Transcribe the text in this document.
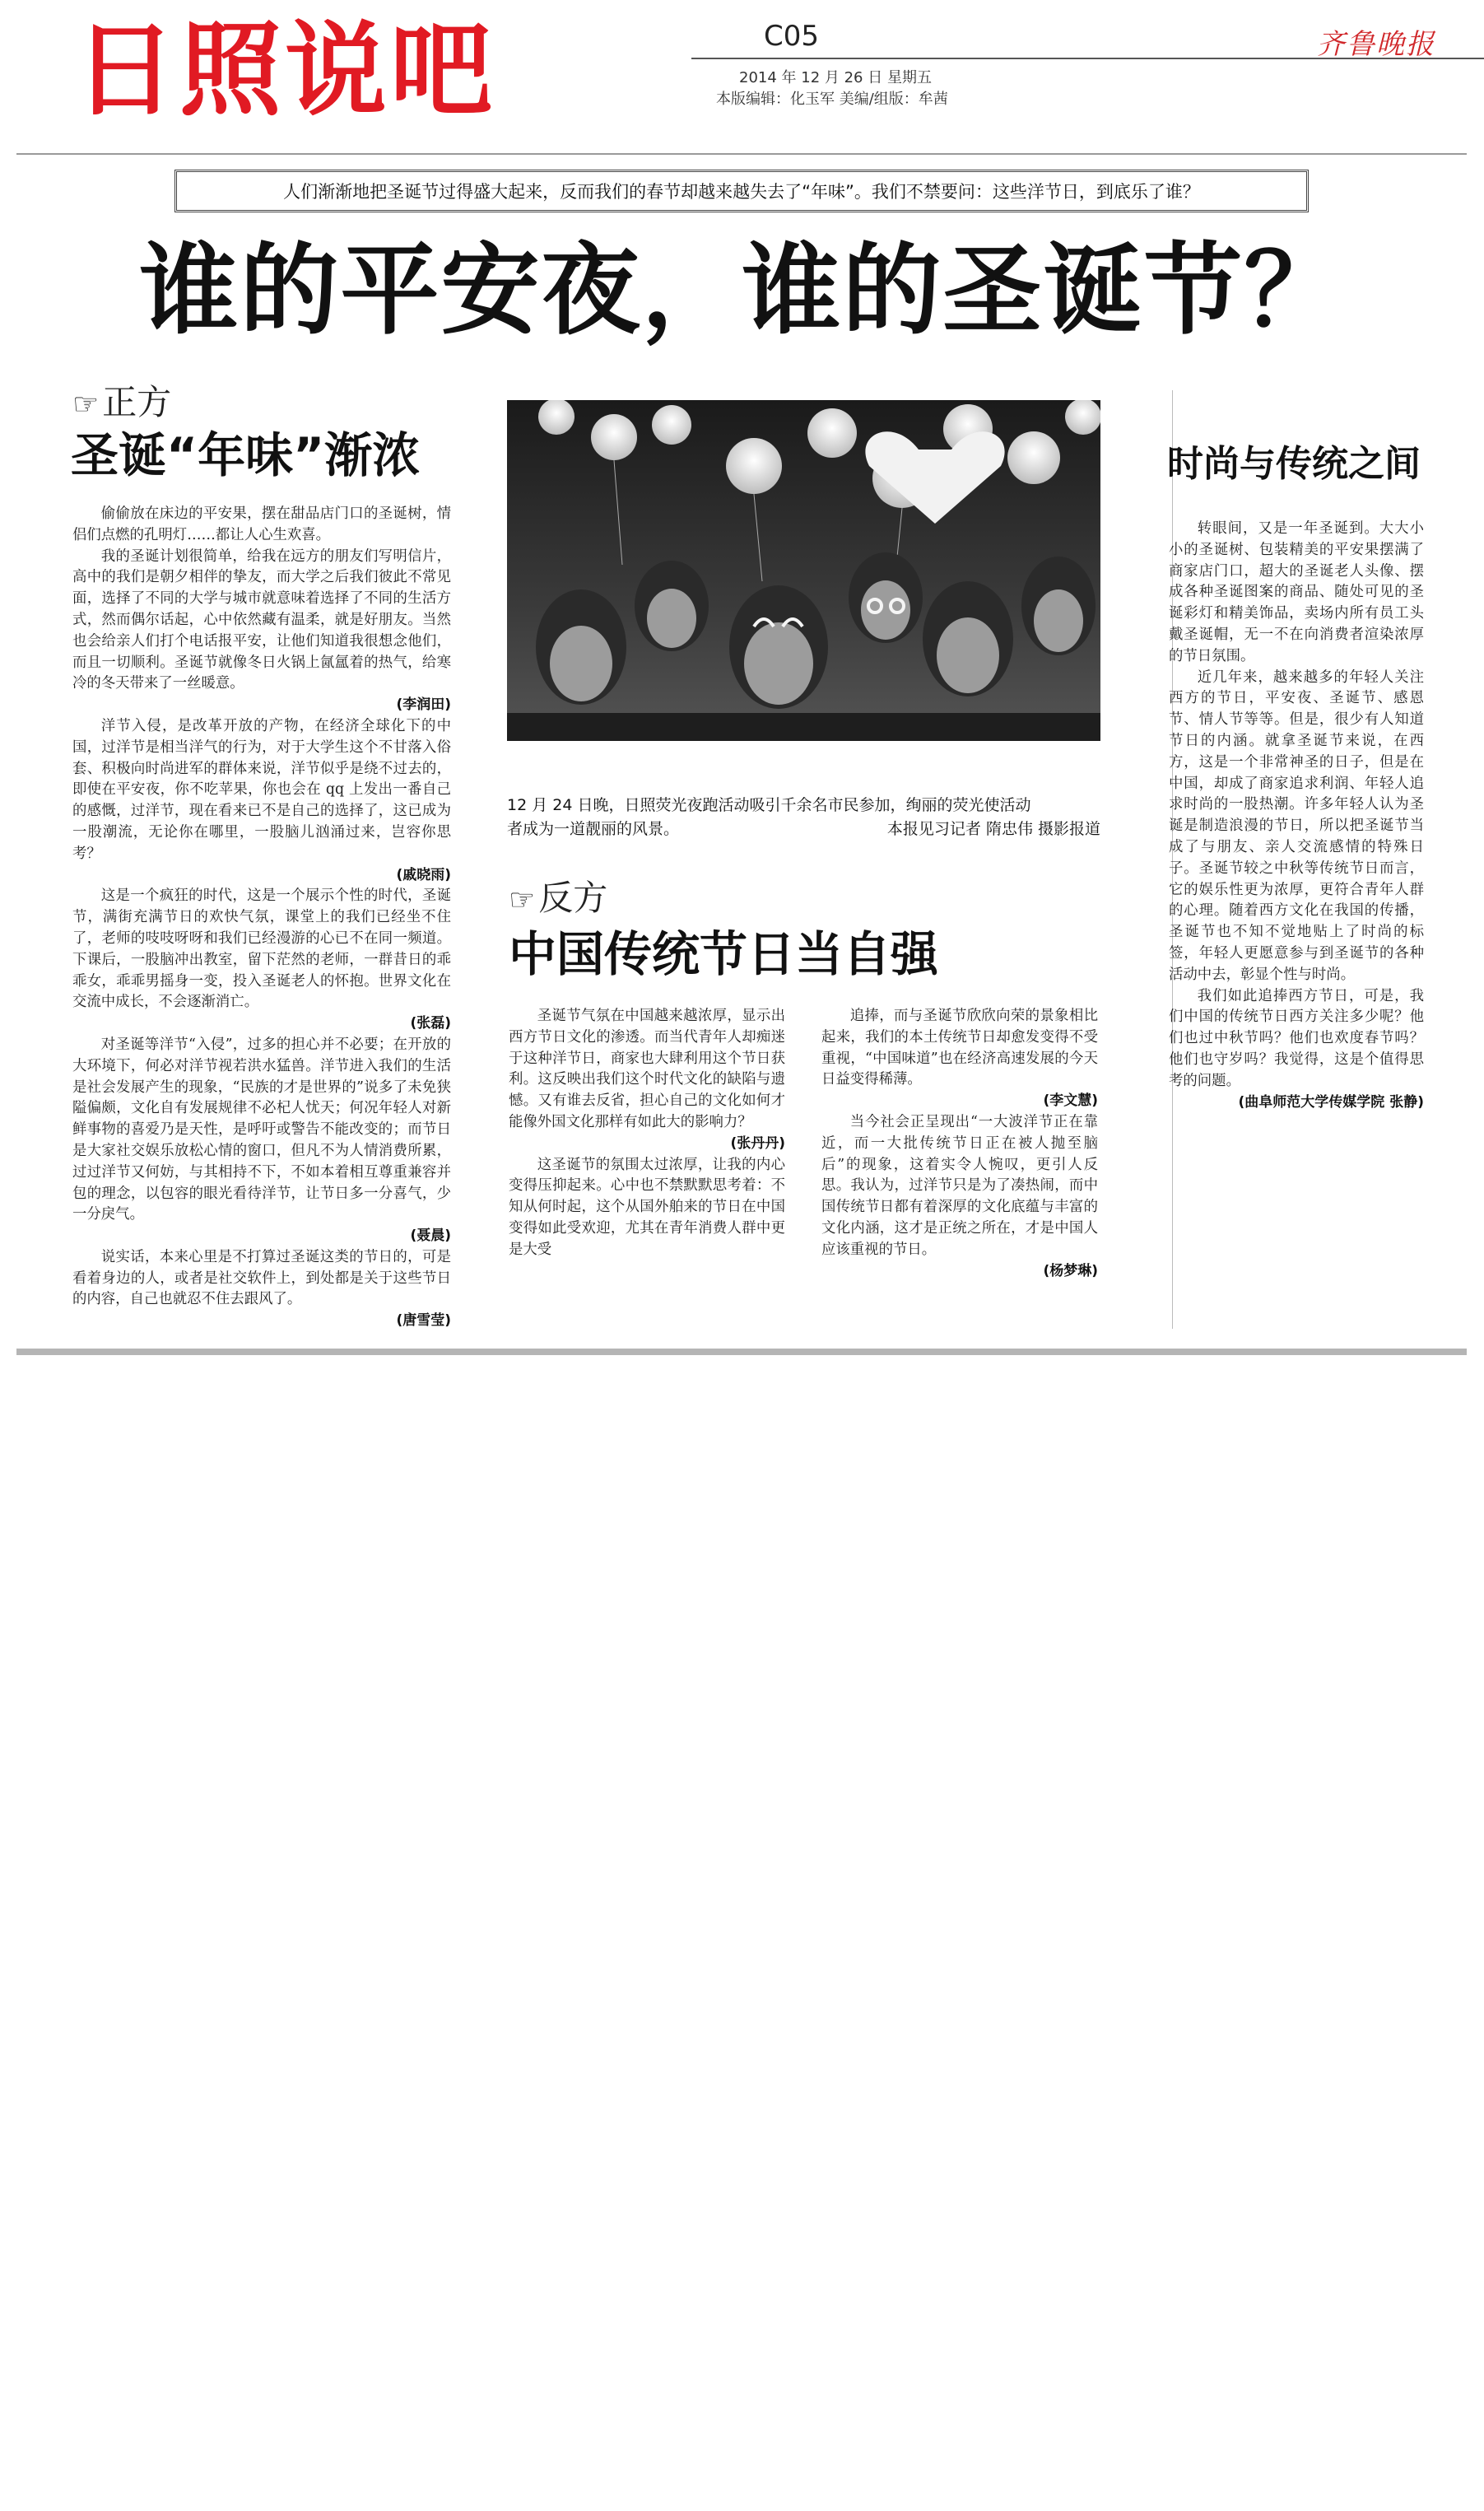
日照说吧	C05	齐鲁晚报
2014 年 12 月 26 日 星期五
本版编辑：化玉军 美编/组版：牟茜
人们渐渐地把圣诞节过得盛大起来，反而我们的春节却越来越失去了“年味”。我们不禁要问：这些洋节日，到底乐了谁？
谁的平安夜，谁的圣诞节？
☞正方
圣诞“年味”渐浓

偷偷放在床边的平安果，摆在甜品店门口的圣诞树，情侣们点燃的孔明灯……都让人心生欢喜。

我的圣诞计划很简单，给我在远方的朋友们写明信片，高中的我们是朝夕相伴的挚友，而大学之后我们彼此不常见面，选择了不同的大学与城市就意味着选择了不同的生活方式，然而偶尔话起，心中依然藏有温柔，就是好朋友。当然也会给亲人们打个电话报平安，让他们知道我很想念他们，而且一切顺利。圣诞节就像冬日火锅上氤氲着的热气，给寒冷的冬天带来了一丝暖意。

(李润田)

洋节入侵，是改革开放的产物，在经济全球化下的中国，过洋节是相当洋气的行为，对于大学生这个不甘落入俗套、积极向时尚进军的群体来说，洋节似乎是绕不过去的，即使在平安夜，你不吃苹果，你也会在 qq 上发出一番自己的感慨，过洋节，现在看来已不是自己的选择了，这已成为一股潮流，无论你在哪里，一股脑儿汹涌过来，岂容你思考？

(戚晓雨)

这是一个疯狂的时代，这是一个展示个性的时代，圣诞节，满街充满节日的欢快气氛，课堂上的我们已经坐不住了，老师的吱吱呀呀和我们已经漫游的心已不在同一频道。下课后，一股脑冲出教室，留下茫然的老师，一群昔日的乖乖女，乖乖男摇身一变，投入圣诞老人的怀抱。世界文化在交流中成长，不会逐渐消亡。

(张磊)

对圣诞等洋节“入侵”，过多的担心并不必要；在开放的大环境下，何必对洋节视若洪水猛兽。洋节进入我们的生活是社会发展产生的现象，“民族的才是世界的”说多了未免狭隘偏颇，文化自有发展规律不必杞人忧天；何况年轻人对新鲜事物的喜爱乃是天性，是呼吁或警告不能改变的；而节日是大家社交娱乐放松心情的窗口，但凡不为人情消费所累，过过洋节又何妨，与其相持不下，不如本着相互尊重兼容并包的理念，以包容的眼光看待洋节，让节日多一分喜气，少一分戾气。

(聂晨)

说实话，本来心里是不打算过圣诞这类的节日的，可是看着身边的人，或者是社交软件上，到处都是关于这些节日的内容，自己也就忍不住去跟风了。

(唐雪莹)

12 月 24 日晚，日照荧光夜跑活动吸引千余名市民参加，绚丽的荧光使活动
者成为一道靓丽的风景。	本报见习记者 隋忠伟 摄影报道
☞反方
中国传统节日当自强

圣诞节气氛在中国越来越浓厚，显示出西方节日文化的渗透。而当代青年人却痴迷于这种洋节日，商家也大肆利用这个节日获利。这反映出我们这个时代文化的缺陷与遗憾。又有谁去反省，担心自己的文化如何才能像外国文化那样有如此大的影响力？

(张丹丹)

这圣诞节的氛围太过浓厚，让我的内心变得压抑起来。心中也不禁默默思考着：不知从何时起，这个从国外舶来的节日在中国变得如此受欢迎，尤其在青年消费人群中更是大受

追捧，而与圣诞节欣欣向荣的景象相比起来，我们的本土传统节日却愈发变得不受重视，“中国味道”也在经济高速发展的今天日益变得稀薄。

(李文慧)

当今社会正呈现出“一大波洋节正在靠近，而一大批传统节日正在被人抛至脑后”的现象，这着实令人惋叹，更引人反思。我认为，过洋节只是为了凑热闹，而中国传统节日都有着深厚的文化底蕴与丰富的文化内涵，这才是正统之所在，才是中国人应该重视的节日。

(杨梦琳)

时尚与传统之间

转眼间，又是一年圣诞到。大大小小的圣诞树、包装精美的平安果摆满了商家店门口，超大的圣诞老人头像、摆成各种圣诞图案的商品、随处可见的圣诞彩灯和精美饰品，卖场内所有员工头戴圣诞帽，无一不在向消费者渲染浓厚的节日氛围。

近几年来，越来越多的年轻人关注西方的节日，平安夜、圣诞节、感恩节、情人节等等。但是，很少有人知道节日的内涵。就拿圣诞节来说，在西方，这是一个非常神圣的日子，但是在中国，却成了商家追求利润、年轻人追求时尚的一股热潮。许多年轻人认为圣诞是制造浪漫的节日，所以把圣诞节当成了与朋友、亲人交流感情的特殊日子。圣诞节较之中秋等传统节日而言，它的娱乐性更为浓厚，更符合青年人群的心理。随着西方文化在我国的传播，圣诞节也不知不觉地贴上了时尚的标签，年轻人更愿意参与到圣诞节的各种活动中去，彰显个性与时尚。

我们如此追捧西方节日，可是，我们中国的传统节日西方关注多少呢？他们也过中秋节吗？他们也欢度春节吗？他们也守岁吗？我觉得，这是个值得思考的问题。

(曲阜师范大学传媒学院 张静)
